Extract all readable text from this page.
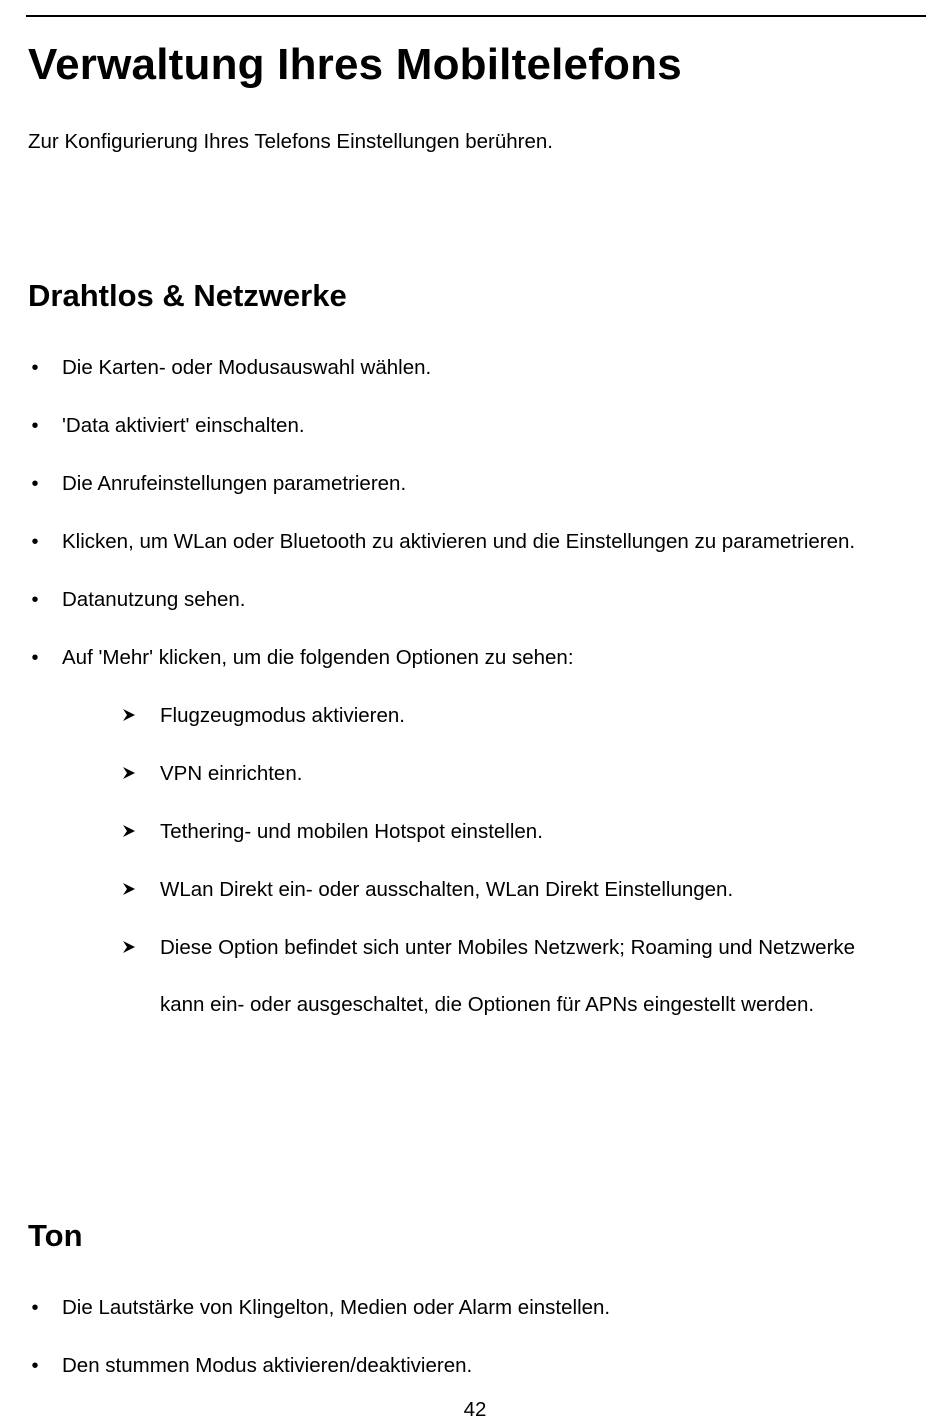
Verwaltung Ihres Mobiltelefons

Zur Konfigurierung Ihres Telefons Einstellungen berühren.

Drahtlos & Netzwerke
• Die Karten- oder Modusauswahl wählen.

• 'Data aktiviert' einschalten.

• Die Anrufeinstellungen parametrieren.

• Klicken, um WLan oder Bluetooth zu aktivieren und die Einstellungen zu parametrieren.

• Datanutzung sehen.

• Auf 'Mehr' klicken, um die folgenden Optionen zu sehen:

Flugzeugmodus aktivieren.

VPN einrichten.

Tethering- und mobilen Hotspot einstellen.

WLan Direkt ein- oder ausschalten, WLan Direkt Einstellungen.

Diese Option befindet sich unter Mobiles Netzwerk; Roaming und Netzwerke

kann ein- oder ausgeschaltet, die Optionen für APNs eingestellt werden.

Ton
• Die Lautstärke von Klingelton, Medien oder Alarm einstellen.

• Den stummen Modus aktivieren/deaktivieren.

42
